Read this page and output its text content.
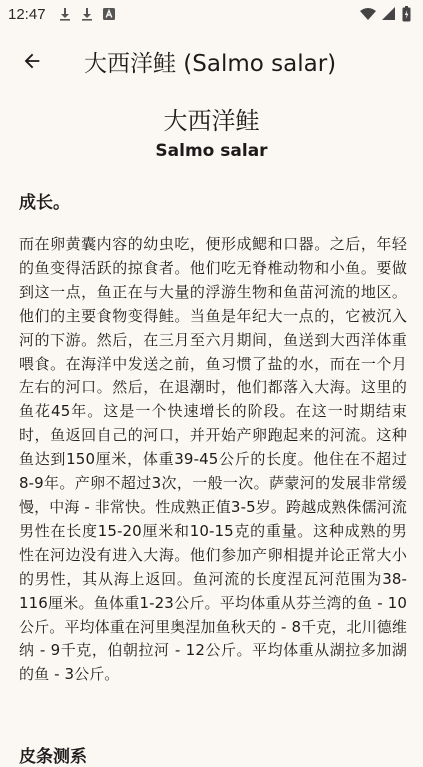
12:47
大西洋鲑 (Salmo salar)
大西洋鲑
Salmo salar
成长。

而在卵黄囊内容的幼虫吃，便形成鳃和口器。之后，年轻的鱼变得活跃的掠食者。他们吃无脊椎动物和小鱼。要做到这一点，鱼正在与大量的浮游生物和鱼苗河流的地区。他们的主要食物变得鲑。当鱼是年纪大一点的，它被沉入河的下游。然后，在三月至六月期间，鱼送到大西洋体重喂食。在海洋中发送之前，鱼习惯了盐的水，而在一个月左右的河口。然后，在退潮时，他们都落入大海。这里的鱼花45年。这是一个快速增长的阶段。在这一时期结束时，鱼返回自己的河口，并开始产卵跑起来的河流。这种鱼达到150厘米，体重39-45公斤的长度。他住在不超过8-9年。产卵不超过3次，一般一次。萨蒙河的发展非常缓慢，中海 - 非常快。性成熟正值3-5岁。跨越成熟侏儒河流男性在长度15-20厘米和10-15克的重量。这种成熟的男性在河边没有进入大海。他们参加产卵相提并论正常大小的男性，其从海上返回。鱼河流的长度涅瓦河范围为38-116厘米。鱼体重1-23公斤。平均体重从芬兰湾的鱼 - 10公斤。平均体重在河里奥涅加鱼秋天的 - 8千克，北川德维纳 - 9千克，伯朝拉河 - 12公斤。平均体重从湖拉多加湖的鱼 - 3公斤。

皮条测系
